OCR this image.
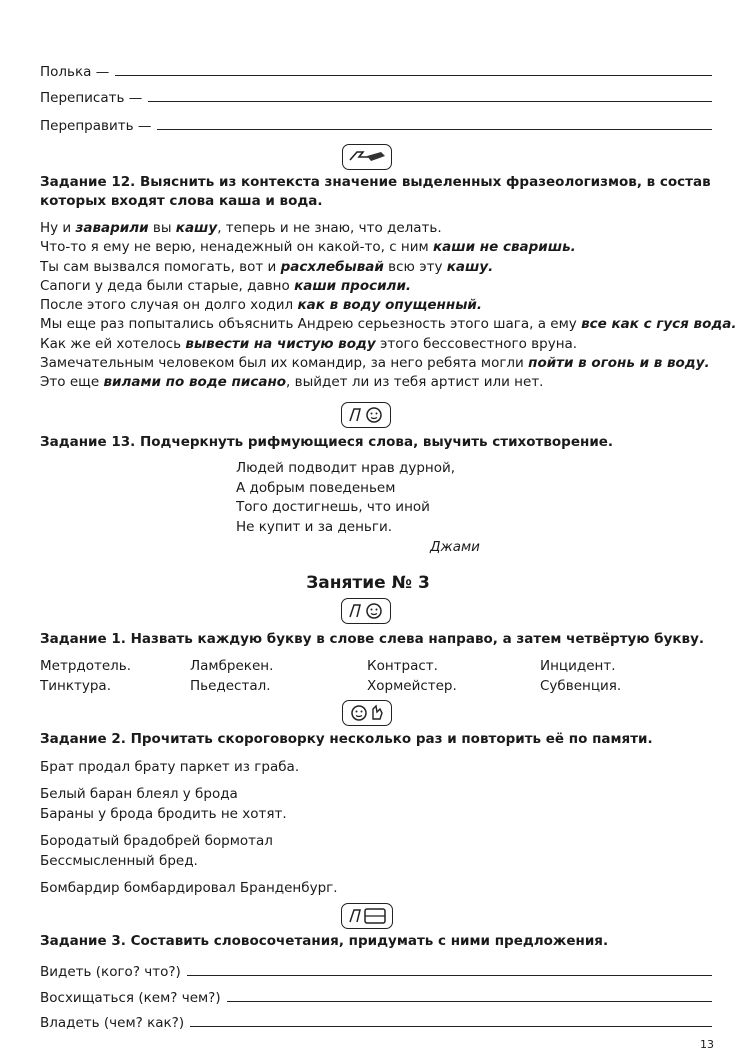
Полька —
Переписать —
Переправить —
Задание 12. Выяснить из контекста значение выделенных фразеологизмов, в состав которых входят слова каша и вода.
Ну и заварили вы кашу, теперь и не знаю, что делать.
Что-то я ему не верю, ненадежный он какой-то, с ним каши не сваришь.
Ты сам вызвался помогать, вот и расхлебывай всю эту кашу.
Сапоги у деда были старые, давно каши просили.
После этого случая он долго ходил как в воду опущенный.
Мы еще раз попытались объяснить Андрею серьезность этого шага, а ему все как с гуся вода.
Как же ей хотелось вывести на чистую воду этого бессовестного вруна.
Замечательным человеком был их командир, за него ребята могли пойти в огонь и в воду.
Это еще вилами по воде писано, выйдет ли из тебя артист или нет.
Задание 13. Подчеркнуть рифмующиеся слова, выучить стихотворение.
Людей подводит нрав дурной,
А добрым поведеньем
Того достигнешь, что иной
Не купит и за деньги.
Джами
Занятие № 3
Задание 1. Назвать каждую букву в слове слева направо, а затем четвёртую букву.
Метрдотель.	Ламбрекен.	Контраст.	Инцидент.
Тинктура.	Пьедестал.	Хормейстер.	Субвенция.
Задание 2. Прочитать скороговорку несколько раз и повторить её по памяти.
Брат продал брату паркет из граба.
Белый баран блеял у брода
Бараны у брода бродить не хотят.
Бородатый брадобрей бормотал
Бессмысленный бред.
Бомбардир бомбардировал Бранденбург.
Задание 3. Составить словосочетания, придумать с ними предложения.
Видеть (кого? что?)
Восхищаться (кем? чем?)
Владеть (чем? как?)
13
